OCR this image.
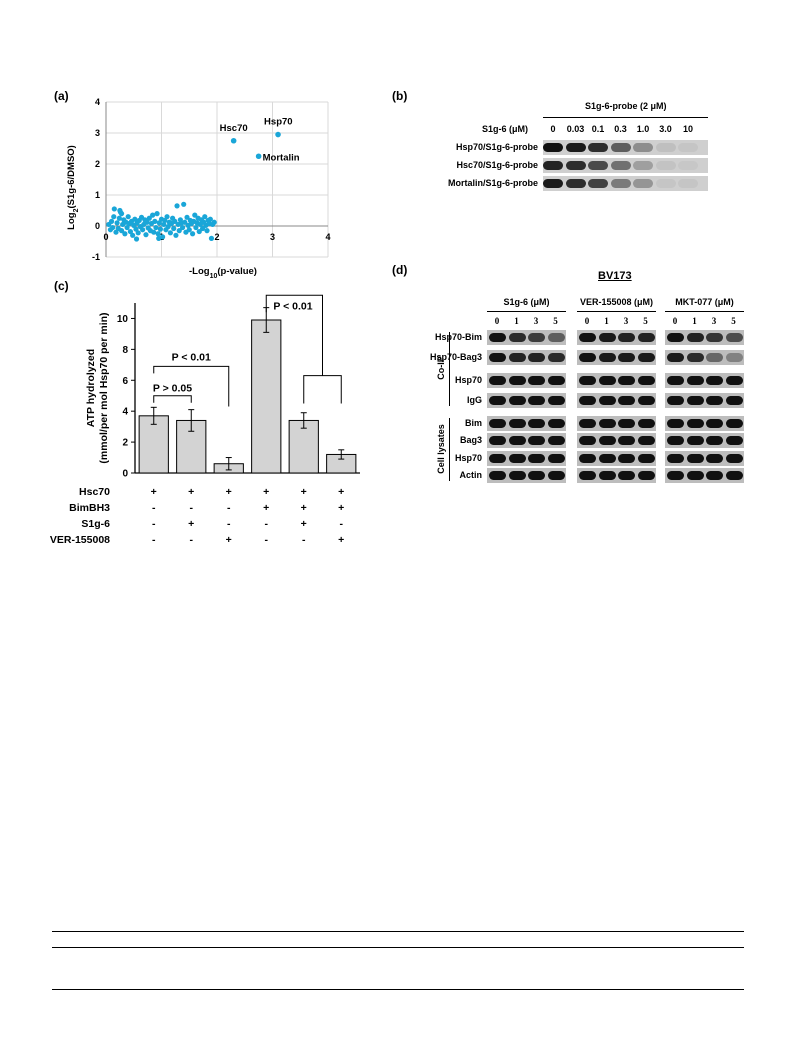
(a)	(b)
(c)
(d)
0	2	3	4
-1
0
1
2
3
4
Hsc70
Hsp70
Mortalin
-Log$_{10}$(p-value)
Log$_2$(S1g-6/DMSO)
S1g-6-probe (2 μM)
S1g-6 (μM)	0	0.03 0.1	0.3	1.0	3.0	10
Hsp70/S1g-6-probe
Hsc70/S1g-6-probe
Mortalin/S1g-6-probe
0
2
4
6
8
10
ATP hydrolyzed (mmol/per mol Hsp70 per min)	P > 0.05
P < 0.01
P < 0.01
Hsc70	+	+	+	+	+	+
BimBH3	-	-	-	+	+	+
S1g-6	-	+	-	-	+	-
VER-155008	-	-	+	-	-	+
BV173
S1g-6 (μM)
0	1	3	5
VER-155008 (μM)
0	1	3	5
MKT-077 (μM)
0	1	3	5
Co-IP
Hsp70-Bim
Hsp70-Bag3
Hsp70
IgG
Cell lysates
Bim
Bag3
Hsp70
Actin
